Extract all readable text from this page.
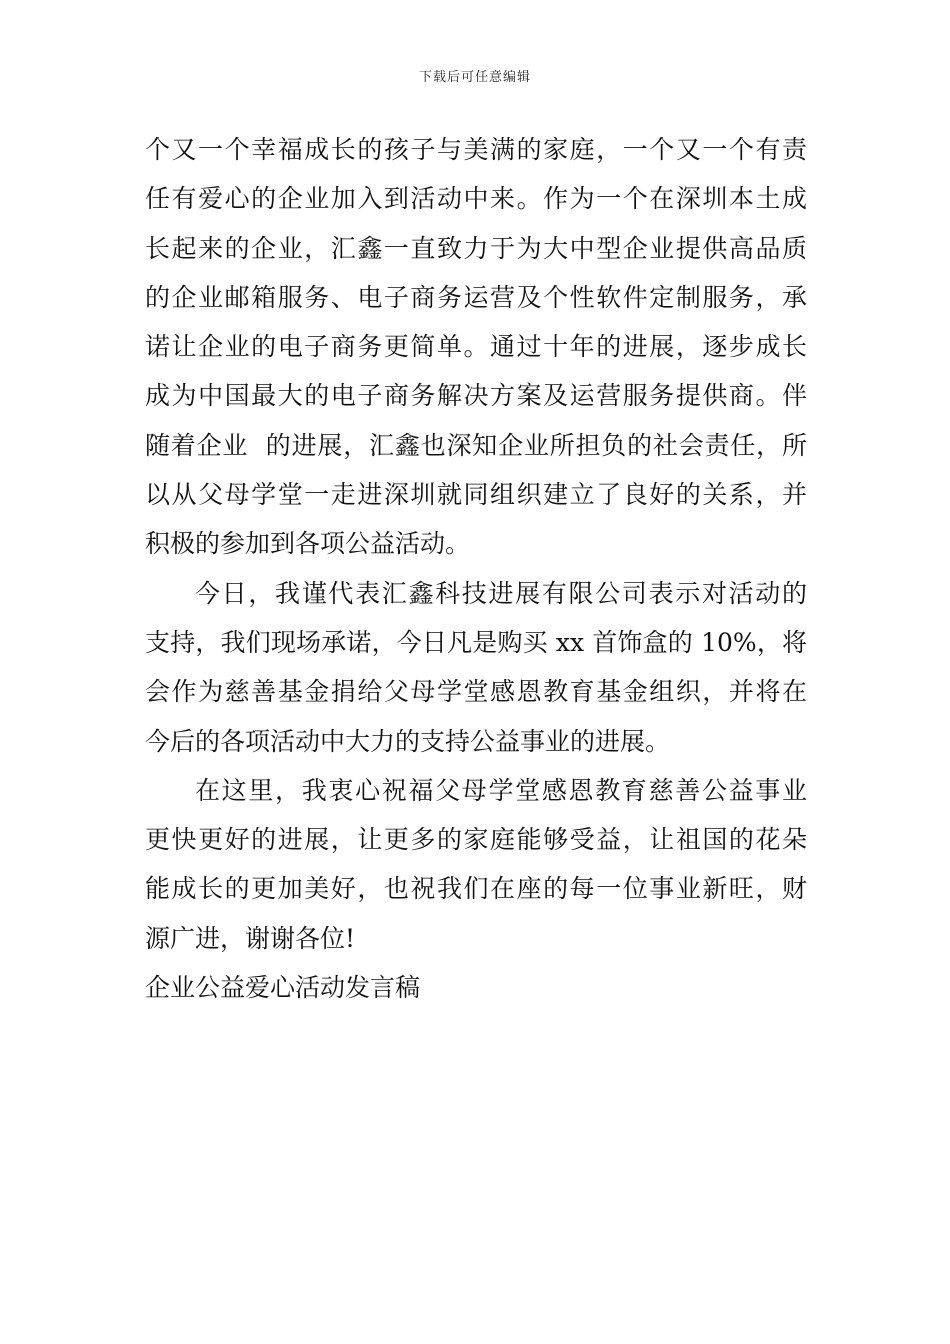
下载后可任意编辑
个又一个幸福成长的孩子与美满的家庭，一个又一个有责
任有爱心的企业加入到活动中来。作为一个在深圳本土成
长起来的企业，汇鑫一直致力于为大中型企业提供高品质
的企业邮箱服务、电子商务运营及个性软件定制服务，承
诺让企业的电子商务更简单。通过十年的进展，逐步成长
成为中国最大的电子商务解决方案及运营服务提供商。伴
随着企业  的进展，汇鑫也深知企业所担负的社会责任，所
以从父母学堂一走进深圳就同组织建立了良好的关系，并
积极的参加到各项公益活动。
今日，我谨代表汇鑫科技进展有限公司表示对活动的
支持，我们现场承诺，今日凡是购买 xx 首饰盒的 10%，将
会作为慈善基金捐给父母学堂感恩教育基金组织，并将在
今后的各项活动中大力的支持公益事业的进展。
在这里，我衷心祝福父母学堂感恩教育慈善公益事业
更快更好的进展，让更多的家庭能够受益，让祖国的花朵
能成长的更加美好，也祝我们在座的每一位事业新旺，财
源广进，谢谢各位!
企业公益爱心活动发言稿
